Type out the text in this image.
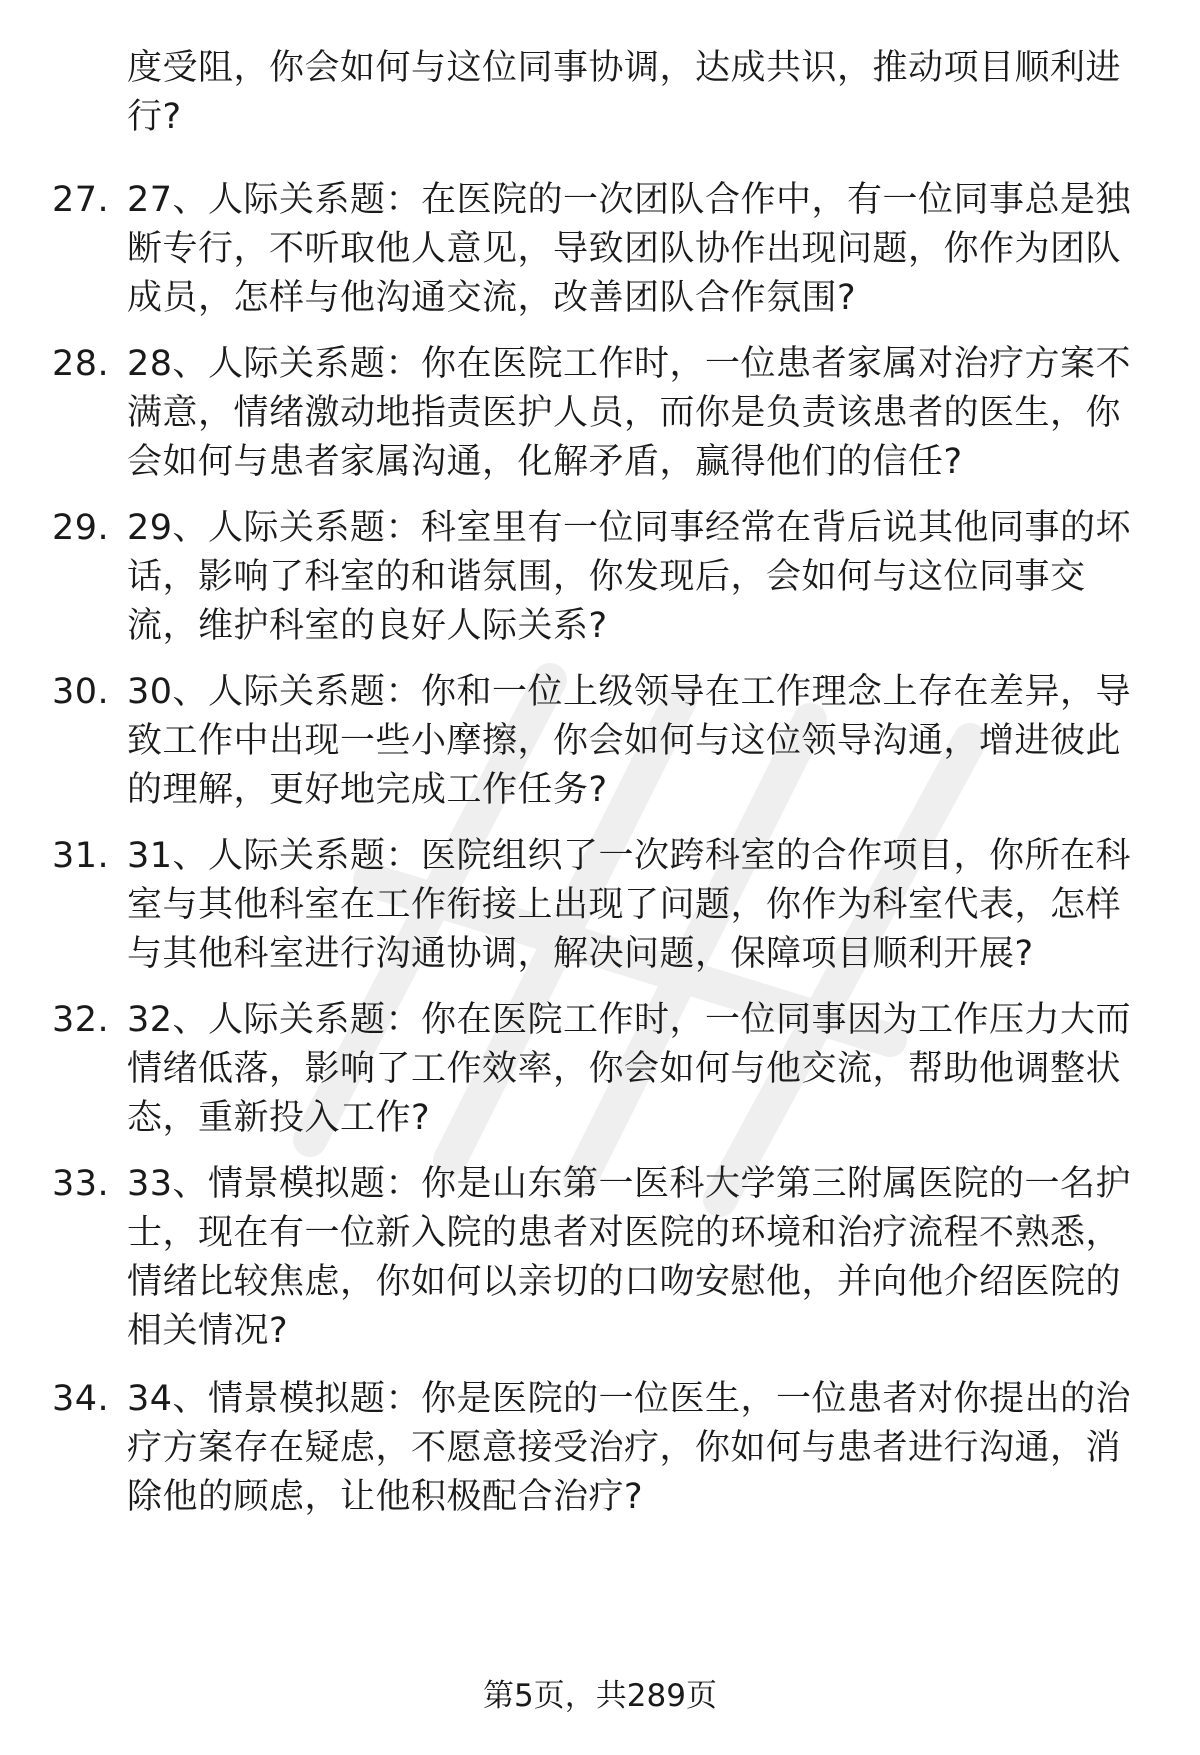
度受阻，你会如何与这位同事协调，达成共识，推动项目顺利进行?
27. 27、人际关系题：在医院的一次团队合作中，有一位同事总是独断专行，不听取他人意见，导致团队协作出现问题，你作为团队成员，怎样与他沟通交流，改善团队合作氛围?
28. 28、人际关系题：你在医院工作时，一位患者家属对治疗方案不满意，情绪激动地指责医护人员，而你是负责该患者的医生，你会如何与患者家属沟通，化解矛盾，赢得他们的信任?
29. 29、人际关系题：科室里有一位同事经常在背后说其他同事的坏话，影响了科室的和谐氛围，你发现后，会如何与这位同事交流，维护科室的良好人际关系?
30. 30、人际关系题：你和一位上级领导在工作理念上存在差异，导致工作中出现一些小摩擦，你会如何与这位领导沟通，增进彼此的理解，更好地完成工作任务?
31. 31、人际关系题：医院组织了一次跨科室的合作项目，你所在科室与其他科室在工作衔接上出现了问题，你作为科室代表，怎样与其他科室进行沟通协调，解决问题，保障项目顺利开展?
32. 32、人际关系题：你在医院工作时，一位同事因为工作压力大而情绪低落，影响了工作效率，你会如何与他交流，帮助他调整状态，重新投入工作?
33. 33、情景模拟题：你是山东第一医科大学第三附属医院的一名护士，现在有一位新入院的患者对医院的环境和治疗流程不熟悉，情绪比较焦虑，你如何以亲切的口吻安慰他，并向他介绍医院的相关情况?
34. 34、情景模拟题：你是医院的一位医生，一位患者对你提出的治疗方案存在疑虑，不愿意接受治疗，你如何与患者进行沟通，消除他的顾虑，让他积极配合治疗?
第5页，共289页
